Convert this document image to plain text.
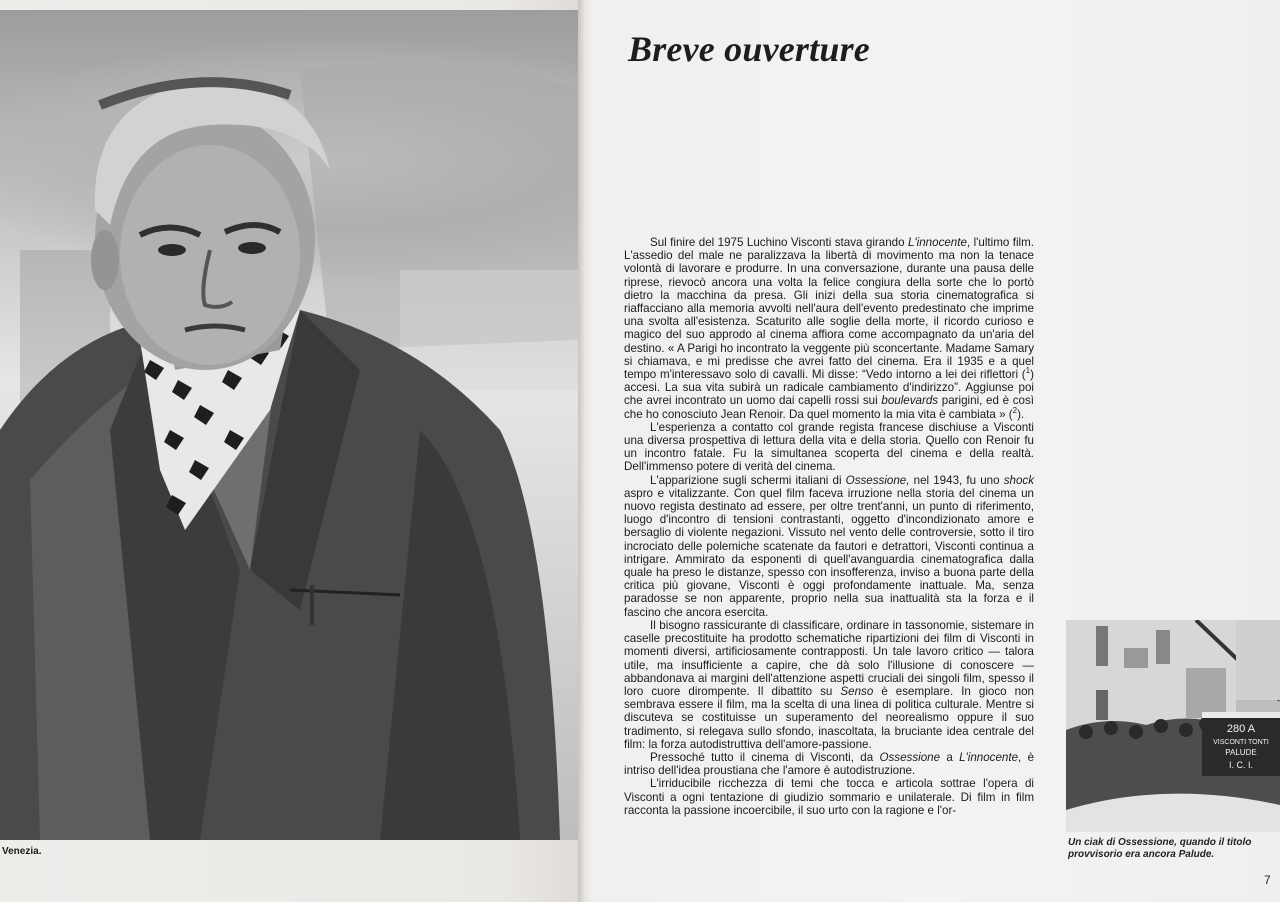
Venezia.
Breve ouverture

Sul finire del 1975 Luchino Visconti stava girando L'innocente, l'ultimo film. L'assedio del male ne paralizzava la libertà di movimento ma non la tenace volontà di lavorare e produrre. In una conversazione, durante una pausa delle riprese, rievocò ancora una volta la felice congiura della sorte che lo portò dietro la macchina da presa. Gli inizi della sua storia cinematografica si riaffacciano alla memoria avvolti nell'aura dell'evento predestinato che imprime una svolta all'esistenza. Scaturito alle soglie della morte, il ricordo curioso e magico del suo approdo al cinema affiora come accompagnato da un'aria del destino. « A Parigi ho incontrato la veggente più sconcertante. Madame Samary si chiamava, e mi predisse che avrei fatto del cinema. Era il 1935 e a quel tempo m'interessavo solo di cavalli. Mi disse: “Vedo intorno a lei dei riflettori ($^1$) accesi. La sua vita subirà un radicale cambiamento d'indirizzo”. Aggiunse poi che avrei incontrato un uomo dai capelli rossi sui boulevards parigini, ed è così che ho conosciuto Jean Renoir. Da quel momento la mia vita è cambiata » ($^2$).

L'esperienza a contatto col grande regista francese dischiuse a Visconti una diversa prospettiva di lettura della vita e della storia. Quello con Renoir fu un incontro fatale. Fu la simultanea scoperta del cinema e della realtà. Dell'immenso potere di verità del cinema.

L'apparizione sugli schermi italiani di Ossessione, nel 1943, fu uno shock aspro e vitalizzante. Con quel film faceva irruzione nella storia del cinema un nuovo regista destinato ad essere, per oltre trent'anni, un punto di riferimento, luogo d'incontro di tensioni contrastanti, oggetto d'incondizionato amore e bersaglio di violente negazioni. Vissuto nel vento delle controversie, sotto il tiro incrociato delle polemiche scatenate da fautori e detrattori, Visconti continua a intrigare. Ammirato da esponenti di quell'avanguardia cinematografica dalla quale ha preso le distanze, spesso con insofferenza, inviso a buona parte della critica più giovane, Visconti è oggi profondamente inattuale. Ma, senza paradosse se non apparente, proprio nella sua inattualità sta la forza e il fascino che ancora esercita.

Il bisogno rassicurante di classificare, ordinare in tassonomie, sistemare in caselle precostituite ha prodotto schematiche ripartizioni dei film di Visconti in momenti diversi, artificiosamente contrapposti. Un tale lavoro critico — talora utile, ma insufficiente a capire, che dà solo l'illusione di conoscere — abbandonava ai margini dell'attenzione aspetti cruciali dei singoli film, spesso il loro cuore dirompente. Il dibattito su Senso è esemplare. In gioco non sembrava essere il film, ma la scelta di una linea di politica culturale. Mentre si discuteva se costituisse un superamento del neorealismo oppure il suo tradimento, si relegava sullo sfondo, inascoltata, la bruciante idea centrale del film: la forza autodistruttiva dell'amore-passione.

Pressoché tutto il cinema di Visconti, da Ossessione a L'innocente, è intriso dell'idea proustiana che l'amore è autodistruzione.

L'irriducibile ricchezza di temi che tocca e articola sottrae l'opera di Visconti a ogni tentazione di giudizio sommario e unilaterale. Di film in film racconta la passione incoercibile, il suo urto con la ragione e l'or-

280 A
VISCONTI TONTI
PALUDE
I. C. I.
Un ciak di Ossessione, quando il titolo provvisorio era ancora Palude.
7
